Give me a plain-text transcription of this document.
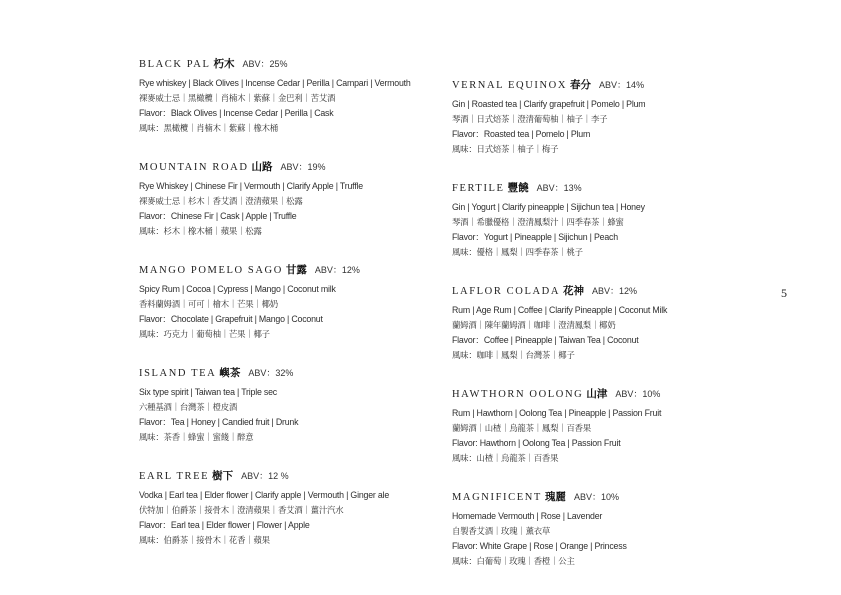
BLACK PAL 朽木 ABV：25%
Rye whiskey | Black Olives | Incense Cedar | Perilla | Campari | Vermouth
裸麥威士忌｜黑橄欖｜肖楠木｜紫蘇｜金巴利｜苦艾酒
Flavor：Black Olives | Incense Cedar | Perilla | Cask
風味：黑橄欖｜肖楠木｜紫蘇｜橡木桶
MOUNTAIN ROAD 山路 ABV：19%
Rye Whiskey | Chinese Fir | Vermouth | Clarify Apple | Truffle
裸麥威士忌｜杉木｜香艾酒｜澄清蘋果｜松露
Flavor：Chinese Fir | Cask | Apple | Truffle
風味：杉木｜橡木桶｜蘋果｜松露
MANGO POMELO SAGO 甘露 ABV：12%
Spicy Rum | Cocoa | Cypress | Mango | Coconut milk
香料蘭姆酒｜可可｜檜木｜芒果｜椰奶
Flavor：Chocolate | Grapefruit | Mango | Coconut
風味：巧克力｜葡萄柚｜芒果｜椰子
ISLAND TEA 嶼茶 ABV：32%
Six type spirit | Taiwan tea | Triple sec
六種基酒｜台灣茶｜橙皮酒
Flavor：Tea | Honey | Candied fruit | Drunk
風味：茶香｜蜂蜜｜蜜餞｜醉意
EARL TREE 樹下 ABV：12 %
Vodka | Earl tea | Elder flower | Clarify apple | Vermouth | Ginger ale
伏特加｜伯爵茶｜接骨木｜澄清蘋果｜香艾酒｜薑汁汽水
Flavor：Earl tea | Elder flower | Flower | Apple
風味：伯爵茶｜接骨木｜花香｜蘋果
VERNAL EQUINOX 春分 ABV：14%
Gin | Roasted tea | Clarify grapefruit | Pomelo | Plum
琴酒｜日式焙茶｜澄清葡萄柚｜柚子｜李子
Flavor：Roasted tea | Pomelo | Plum
風味：日式焙茶｜柚子｜梅子
FERTILE 豐饒 ABV：13%
Gin | Yogurt | Clarify pineapple | Sijichun tea | Honey
琴酒｜希臘優格｜澄清鳳梨汁｜四季春茶｜蜂蜜
Flavor：Yogurt | Pineapple | Sijichun | Peach
風味：優格｜鳳梨｜四季春茶｜桃子
LAFLOR COLADA 花神 ABV：12%
Rum | Age Rum | Coffee | Clarify Pineapple | Coconut Milk
蘭姆酒｜陳年蘭姆酒｜咖啡｜澄清鳳梨｜椰奶
Flavor：Coffee | Pineapple | Taiwan Tea | Coconut
風味：咖啡｜鳳梨｜台灣茶｜椰子
HAWTHORN OOLONG 山津 ABV：10%
Rum | Hawthorn | Oolong Tea | Pineapple | Passion Fruit
蘭姆酒｜山楂｜烏龍茶｜鳳梨｜百香果
Flavor: Hawthorn | Oolong Tea | Passion Fruit
風味：山楂｜烏龍茶｜百香果
MAGNIFICENT 瑰麗 ABV：10%
Homemade Vermouth | Rose | Lavender
自製香艾酒｜玫瑰｜薰衣草
Flavor: White Grape | Rose | Orange | Princess
風味：白葡萄｜玫瑰｜香橙｜公主
5
